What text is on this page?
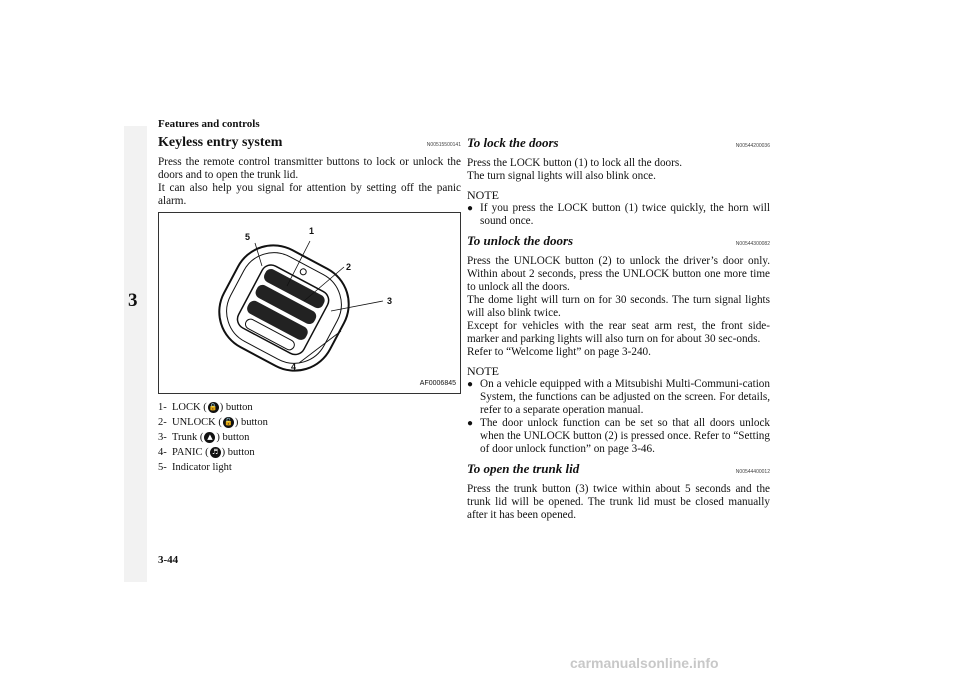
Features and controls
3
Keyless entry system	N00515500141

Press the remote control transmitter buttons to lock or unlock the doors and to open the trunk lid.

It can also help you signal for attention by setting off the panic alarm.

1
2
3
4
5
AF0006845
1- LOCK ( 🔒 ) button
2- UNLOCK ( 🔓 ) button
3- Trunk ( ▲ ) button
4- PANIC ( ♬ ) button
5- Indicator light
To lock the doors	N00544200036

Press the LOCK button (1) to lock all the doors.

The turn signal lights will also blink once.

NOTE
● If you press the LOCK button (1) twice quickly, the horn will sound once.
To unlock the doors	N00544300082

Press the UNLOCK button (2) to unlock the driver’s door only. Within about 2 seconds, press the UNLOCK button one more time to unlock all the doors.

The dome light will turn on for 30 seconds. The turn signal lights will also blink twice.

Except for vehicles with the rear seat arm rest, the front side-marker and parking lights will also turn on for about 30 sec-onds.

Refer to “Welcome light” on page 3-240.

NOTE
● On a vehicle equipped with a Mitsubishi Multi-Communi-cation System, the functions can be adjusted on the screen. For details, refer to a separate operation manual.
● The door unlock function can be set so that all doors unlock when the UNLOCK button (2) is pressed once. Refer to “Setting of door unlock function” on page 3-46.
To open the trunk lid	N00544400012

Press the trunk button (3) twice within about 5 seconds and the trunk lid will be opened. The trunk lid must be closed manually after it has been opened.

3-44
carmanualsonline.info
